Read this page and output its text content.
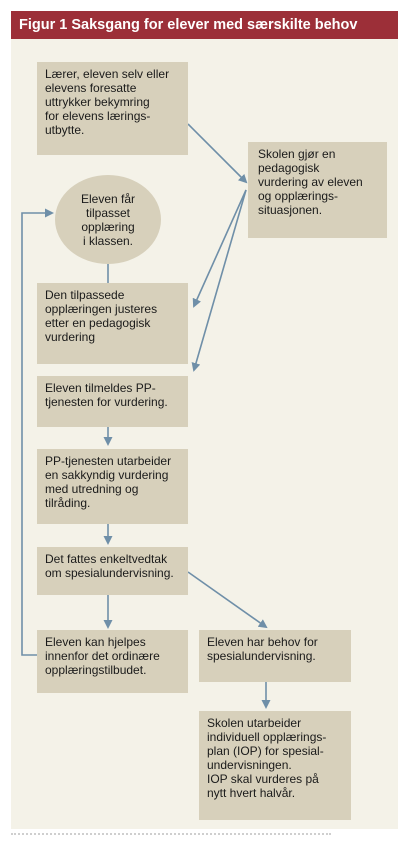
Figur 1 Saksgang for elever med særskilte behov
Lærer, eleven selv eller
elevens foresatte
uttrykker bekymring
for elevens lærings-
utbytte.
Skolen gjør en
pedagogisk
vurdering av eleven
og opplærings-
situasjonen.
Eleven får
tilpasset
opplæring
i klassen.
Den tilpassede
opplæringen justeres
etter en pedagogisk
vurdering
Eleven tilmeldes PP-
tjenesten for vurdering.
PP-tjenesten utarbeider
en sakkyndig vurdering
med utredning og
tilråding.
Det fattes enkeltvedtak
om spesialundervisning.
Eleven kan hjelpes
innenfor det ordinære
opplæringstilbudet.
Eleven har behov for
spesialundervisning.
Skolen utarbeider
individuell opplærings-
plan (IOP) for spesial-
undervisningen.
IOP skal vurderes på
nytt hvert halvår.
